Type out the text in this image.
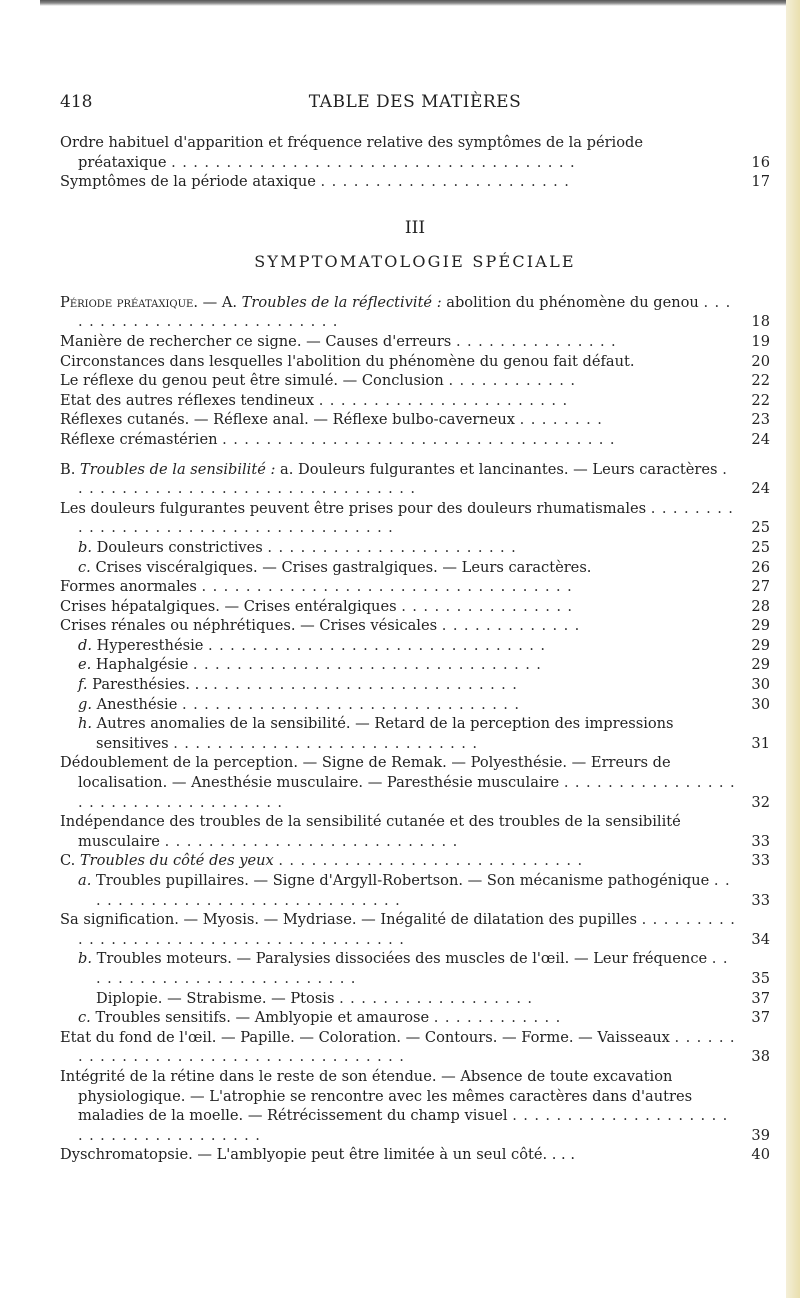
418	TABLE DES MATIÈRES
Ordre habituel d'apparition et fréquence relative des symptômes de la période préataxique . . . . . . . . . . . . . . . . . . . . . . . . . . . . . . . . . . . . .	16
Symptômes de la période ataxique . . . . . . . . . . . . . . . . . . . . . . .	17
III
SYMPTOMATOLOGIE SPÉCIALE
Période préataxique. — A. Troubles de la réflectivité : abolition du phénomène du genou . . . . . . . . . . . . . . . . . . . . . . . . . . .	18
Manière de rechercher ce signe. — Causes d'erreurs . . . . . . . . . . . . . . .	19
Circonstances dans lesquelles l'abolition du phénomène du genou fait défaut.	20
Le réflexe du genou peut être simulé. — Conclusion . . . . . . . . . . . .	22
Etat des autres réflexes tendineux . . . . . . . . . . . . . . . . . . . . . . .	22
Réflexes cutanés. — Réflexe anal. — Réflexe bulbo-caverneux . . . . . . . .	23
Réflexe crémastérien . . . . . . . . . . . . . . . . . . . . . . . . . . . . . . . . . . . .	24
B. Troubles de la sensibilité : a. Douleurs fulgurantes et lancinantes. — Leurs caractères . . . . . . . . . . . . . . . . . . . . . . . . . . . . . . . .	24
Les douleurs fulgurantes peuvent être prises pour des douleurs rhumatismales . . . . . . . . . . . . . . . . . . . . . . . . . . . . . . . . . . . . .	25
b. Douleurs constrictives . . . . . . . . . . . . . . . . . . . . . . .	25
c. Crises viscéralgiques. — Crises gastralgiques. — Leurs caractères.	26
Formes anormales . . . . . . . . . . . . . . . . . . . . . . . . . . . . . . . . . .	27
Crises hépatalgiques. — Crises entéralgiques . . . . . . . . . . . . . . . .	28
Crises rénales ou néphrétiques. — Crises vésicales . . . . . . . . . . . . .	29
d. Hyperesthésie . . . . . . . . . . . . . . . . . . . . . . . . . . . . . . .	29
e. Haphalgésie . . . . . . . . . . . . . . . . . . . . . . . . . . . . . . . .	29
f. Paresthésies. . . . . . . . . . . . . . . . . . . . . . . . . . . . . . .	30
g. Anesthésie . . . . . . . . . . . . . . . . . . . . . . . . . . . . . . .	30
h. Autres anomalies de la sensibilité. — Retard de la perception des impressions sensitives . . . . . . . . . . . . . . . . . . . . . . . . . . . .	31
Dédoublement de la perception. — Signe de Remak. — Polyesthésie. — Erreurs de localisation. — Anesthésie musculaire. — Paresthésie musculaire . . . . . . . . . . . . . . . . . . . . . . . . . . . . . . . . . . .	32
Indépendance des troubles de la sensibilité cutanée et des troubles de la sensibilité musculaire . . . . . . . . . . . . . . . . . . . . . . . . . . .	33
C. Troubles du côté des yeux . . . . . . . . . . . . . . . . . . . . . . . . . . . .	33
a. Troubles pupillaires. — Signe d'Argyll-Robertson. — Son mécanisme pathogénique . . . . . . . . . . . . . . . . . . . . . . . . . . . . . .	33
Sa signification. — Myosis. — Mydriase. — Inégalité de dilatation des pupilles . . . . . . . . . . . . . . . . . . . . . . . . . . . . . . . . . . . . . . .	34
b. Troubles moteurs. — Paralysies dissociées des muscles de l'œil. — Leur fréquence . . . . . . . . . . . . . . . . . . . . . . . . . .	35
Diplopie. — Strabisme. — Ptosis . . . . . . . . . . . . . . . . . .	37
c. Troubles sensitifs. — Amblyopie et amaurose . . . . . . . . . . . .	37
Etat du fond de l'œil. — Papille. — Coloration. — Contours. — Forme. — Vaisseaux . . . . . . . . . . . . . . . . . . . . . . . . . . . . . . . . . . . .	38
Intégrité de la rétine dans le reste de son étendue. — Absence de toute excavation physiologique. — L'atrophie se rencontre avec les mêmes caractères dans d'autres maladies de la moelle. — Rétrécissement du champ visuel . . . . . . . . . . . . . . . . . . . . . . . . . . . . . . . . . . . . .	39
Dyschromatopsie. — L'amblyopie peut être limitée à un seul côté. . . .	40
